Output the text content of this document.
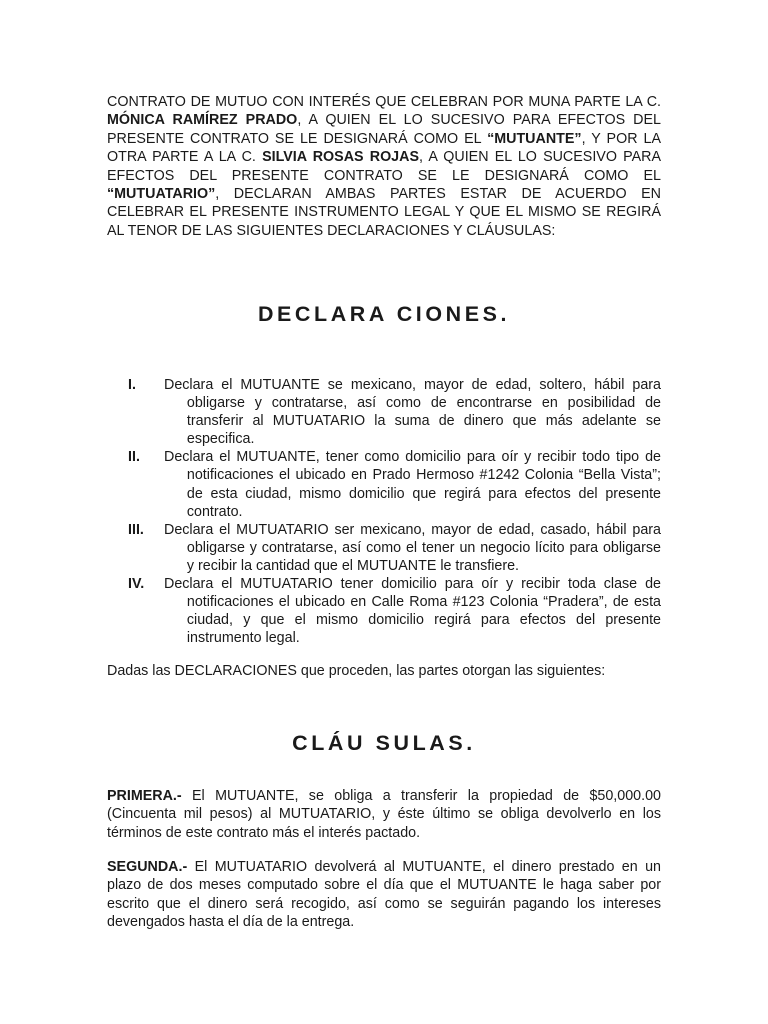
CONTRATO DE MUTUO CON INTERÉS QUE CELEBRAN POR MUNA PARTE LA C. MÓNICA RAMÍREZ PRADO, A QUIEN EL LO SUCESIVO PARA EFECTOS DEL PRESENTE CONTRATO SE LE DESIGNARÁ COMO EL “MUTUANTE”, Y POR LA OTRA PARTE A LA C. SILVIA ROSAS ROJAS, A QUIEN EL LO SUCESIVO PARA EFECTOS DEL PRESENTE CONTRATO SE LE DESIGNARÁ COMO EL “MUTUATARIO”, DECLARAN AMBAS PARTES ESTAR DE ACUERDO EN CELEBRAR EL PRESENTE INSTRUMENTO LEGAL Y QUE EL MISMO SE REGIRÁ AL TENOR DE LAS SIGUIENTES DECLARACIONES Y CLÁUSULAS:

DECLARA CIONES.
I. Declara el MUTUANTE se mexicano, mayor de edad, soltero, hábil para obligarse y contratarse, así como de encontrarse en posibilidad de transferir al MUTUATARIO la suma de dinero que más adelante se especifica.
II. Declara el MUTUANTE, tener como domicilio para oír y recibir todo tipo de notificaciones el ubicado en Prado Hermoso #1242 Colonia “Bella Vista”; de esta ciudad, mismo domicilio que regirá para efectos del presente contrato.
III. Declara el MUTUATARIO ser mexicano, mayor de edad, casado, hábil para obligarse y contratarse, así como el tener un negocio lícito para obligarse y recibir la cantidad que el MUTUANTE le transfiere.
IV. Declara el MUTUATARIO tener domicilio para oír y recibir toda clase de notificaciones el ubicado en Calle Roma #123 Colonia “Pradera”, de esta ciudad, y que el mismo domicilio regirá para efectos del presente instrumento legal.

Dadas las DECLARACIONES que proceden, las partes otorgan las siguientes:

CLÁU SULAS.

PRIMERA.- El MUTUANTE, se obliga a transferir la propiedad de $50,000.00 (Cincuenta mil pesos) al MUTUATARIO, y éste último se obliga devolverlo en los términos de este contrato más el interés pactado.

SEGUNDA.- El MUTUATARIO devolverá al MUTUANTE, el dinero prestado en un plazo de dos meses computado sobre el día que el MUTUANTE le haga saber por escrito que el dinero será recogido, así como se seguirán pagando los intereses devengados hasta el día de la entrega.
